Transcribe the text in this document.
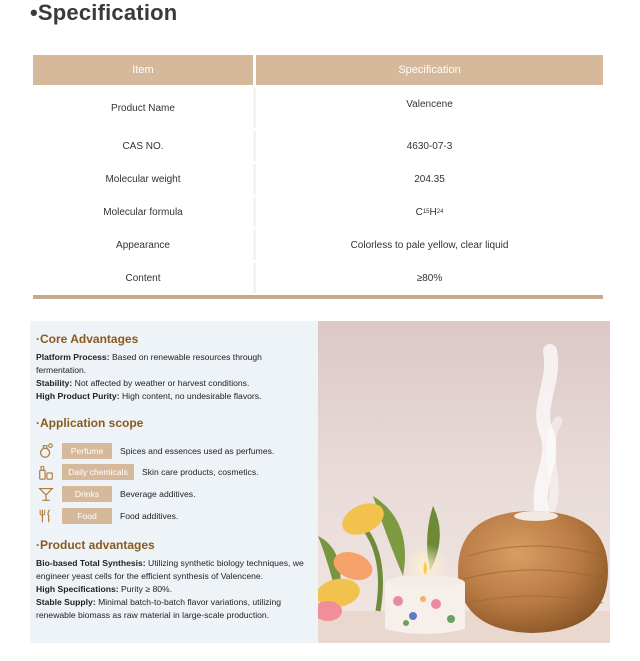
•Specification
Item	Specification
Product Name	Valencene
CAS NO.	4630-07-3
Molecular weight	204.35
Molecular formula	C 15 H 24
Appearance	Colorless to pale yellow, clear liquid
Content	≥80%
·Core Advantages
Platform Process: Based on renewable resources through fermentation.
Stability: Not affected by weather or harvest conditions.
High Product Purity: High content, no undesirable flavors.
·Application scope
Perfume	Spices and essences used as perfumes.
Daily chemicals	Skin care products, cosmetics.
Drinks	Beverage additives.
Food	Food additives.
·Product advantages
Bio-based Total Synthesis: Utilizing synthetic biology techniques, we engineer yeast cells for the efficient synthesis of Valencene.
High Specifications: Purity ≥ 80%.
Stable Supply: Minimal batch-to-batch flavor variations, utilizing renewable biomass as raw material in large-scale production.
